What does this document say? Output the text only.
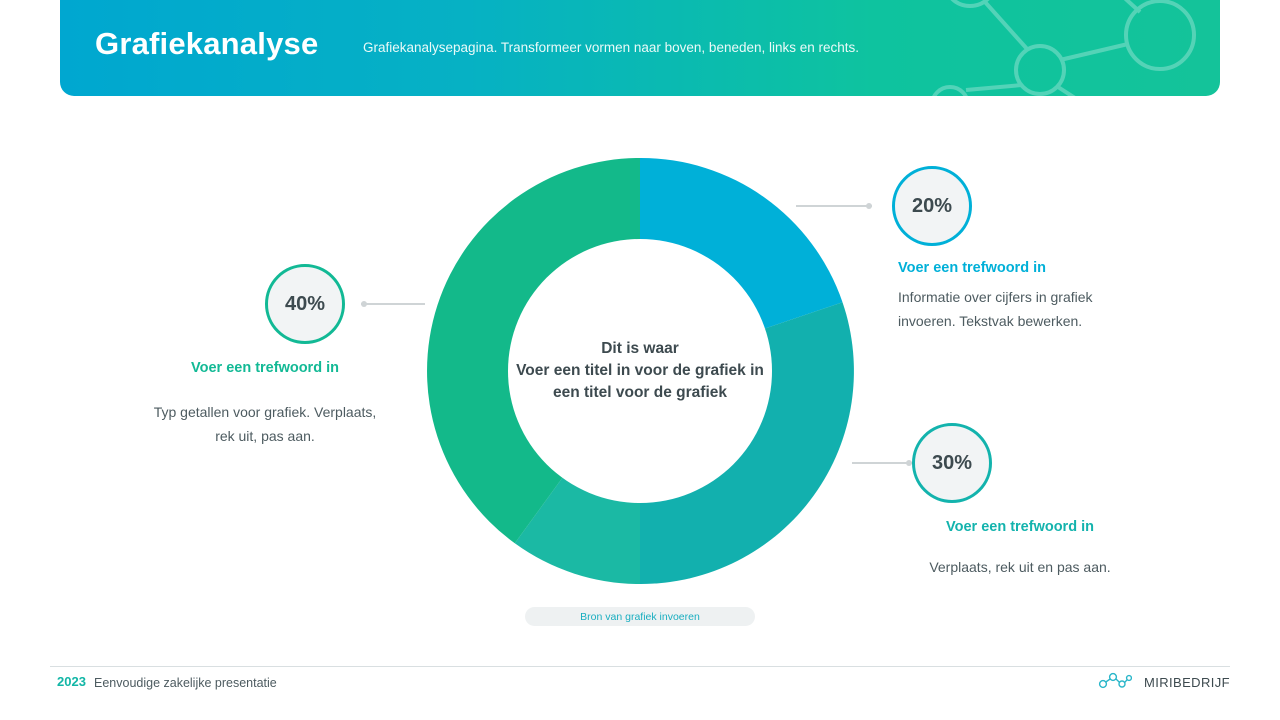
Grafiekanalyse	Grafiekanalysepagina. Transformeer vormen naar boven, beneden, links en rechts.
Dit is waar
Voer een titel in voor de grafiek in
een titel voor de grafiek
40%
20%
30%
Voer een trefwoord in
Typ getallen voor grafiek. Verplaats, rek uit, pas aan.
Voer een trefwoord in
Informatie over cijfers in grafiek invoeren. Tekstvak bewerken.
Voer een trefwoord in
Verplaats, rek uit en pas aan.
Bron van grafiek invoeren
2023 Eenvoudige zakelijke presentatie	MIRIBEDRIJF
